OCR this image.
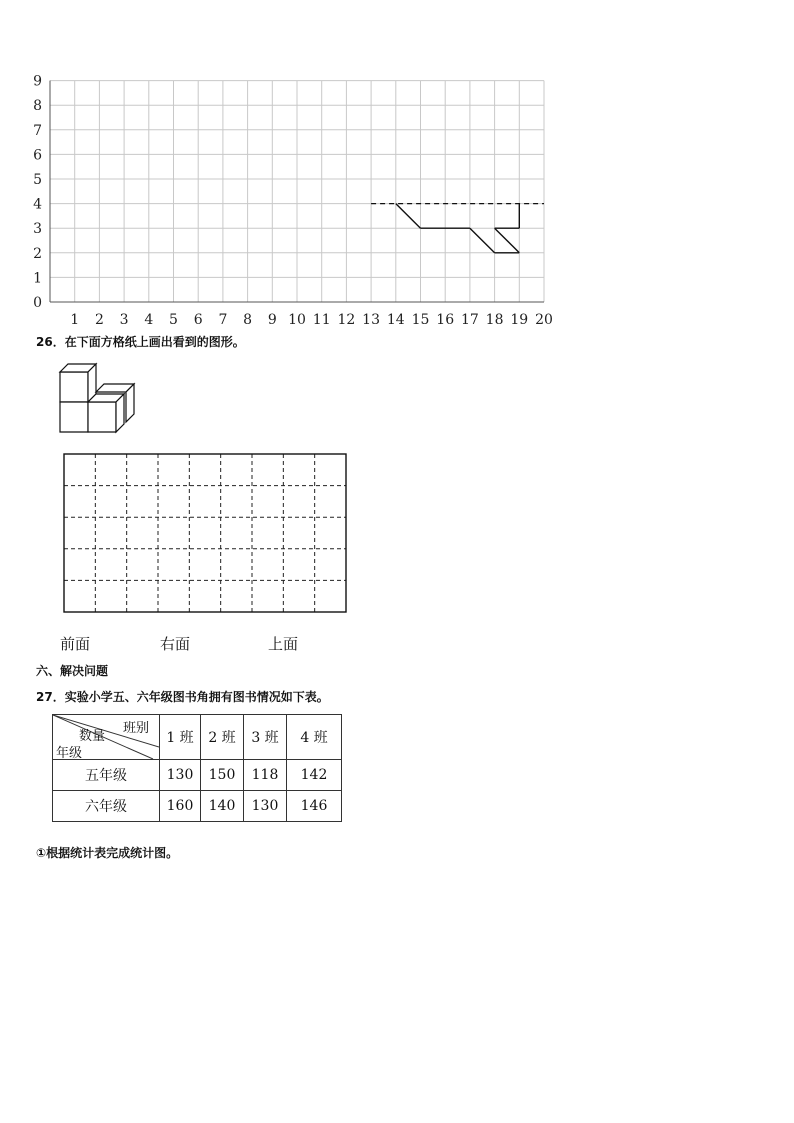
0
1
2
3
4
5
6
7
8
9
1 2 3 4 5 6 7 8 9 10 11 12 13 14 15 16 17 18 19 20
26．在下面方格纸上画出看到的图形。
前面	右面	上面
六、解决问题
27．实验小学五、六年级图书角拥有图书情况如下表。
班别
数量
年级	1 班	2 班	3 班	4 班
五年级	130	150	118	142
六年级	160	140	130	146
①根据统计表完成统计图。
